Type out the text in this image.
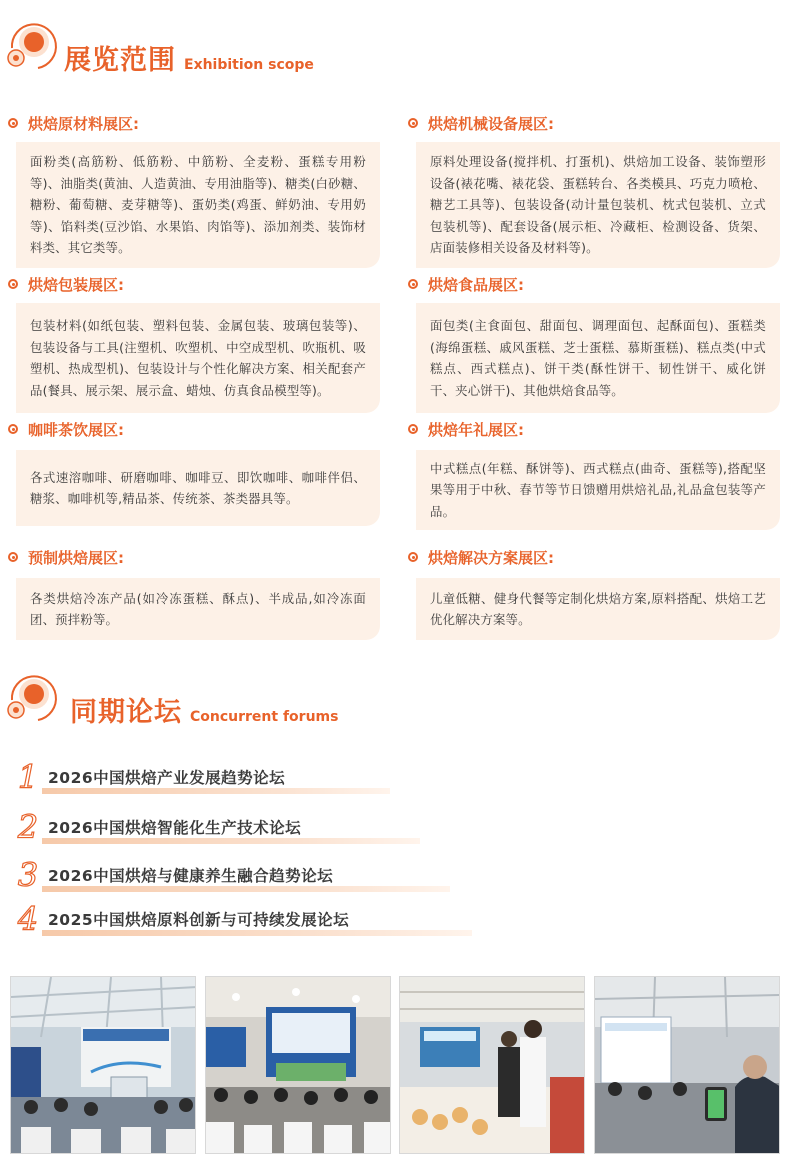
展览范围 Exhibition scope
烘焙原材料展区:
面粉类(高筋粉、低筋粉、中筋粉、全麦粉、蛋糕专用粉等)、油脂类(黄油、人造黄油、专用油脂等)、糖类(白砂糖、糖粉、葡萄糖、麦芽糖等)、蛋奶类(鸡蛋、鲜奶油、专用奶等)、馅料类(豆沙馅、水果馅、肉馅等)、添加剂类、装饰材料类、其它类等。
烘焙机械设备展区:
原料处理设备(搅拌机、打蛋机)、烘焙加工设备、装饰塑形设备(裱花嘴、裱花袋、蛋糕转台、各类模具、巧克力喷枪、糖艺工具等)、包装设备(动计量包装机、枕式包装机、立式包装机等)、配套设备(展示柜、冷藏柜、检测设备、货架、店面装修相关设备及材料等)。
烘焙包装展区:
包装材料(如纸包装、塑料包装、金属包装、玻璃包装等)、包装设备与工具(注塑机、吹塑机、中空成型机、吹瓶机、吸塑机、热成型机)、包装设计与个性化解决方案、相关配套产品(餐具、展示架、展示盒、蜡烛、仿真食品模型等)。
烘焙食品展区:
面包类(主食面包、甜面包、调理面包、起酥面包)、蛋糕类(海绵蛋糕、戚风蛋糕、芝士蛋糕、慕斯蛋糕)、糕点类(中式糕点、西式糕点)、饼干类(酥性饼干、韧性饼干、威化饼干、夹心饼干)、其他烘焙食品等。
咖啡茶饮展区:
各式速溶咖啡、研磨咖啡、咖啡豆、即饮咖啡、咖啡伴侣、糖浆、咖啡机等,精品茶、传统茶、茶类器具等。
烘焙年礼展区:
中式糕点(年糕、酥饼等)、西式糕点(曲奇、蛋糕等),搭配坚果等用于中秋、春节等节日馈赠用烘焙礼品,礼品盒包装等产品。
预制烘焙展区:
各类烘焙冷冻产品(如冷冻蛋糕、酥点)、半成品,如冷冻面团、预拌粉等。
烘焙解决方案展区:
儿童低糖、健身代餐等定制化烘焙方案,原料搭配、烘焙工艺优化解决方案等。
同期论坛 Concurrent forums
1 2026中国烘焙产业发展趋势论坛
2 2026中国烘焙智能化生产技术论坛
3 2026中国烘焙与健康养生融合趋势论坛
4 2025中国烘焙原料创新与可持续发展论坛
